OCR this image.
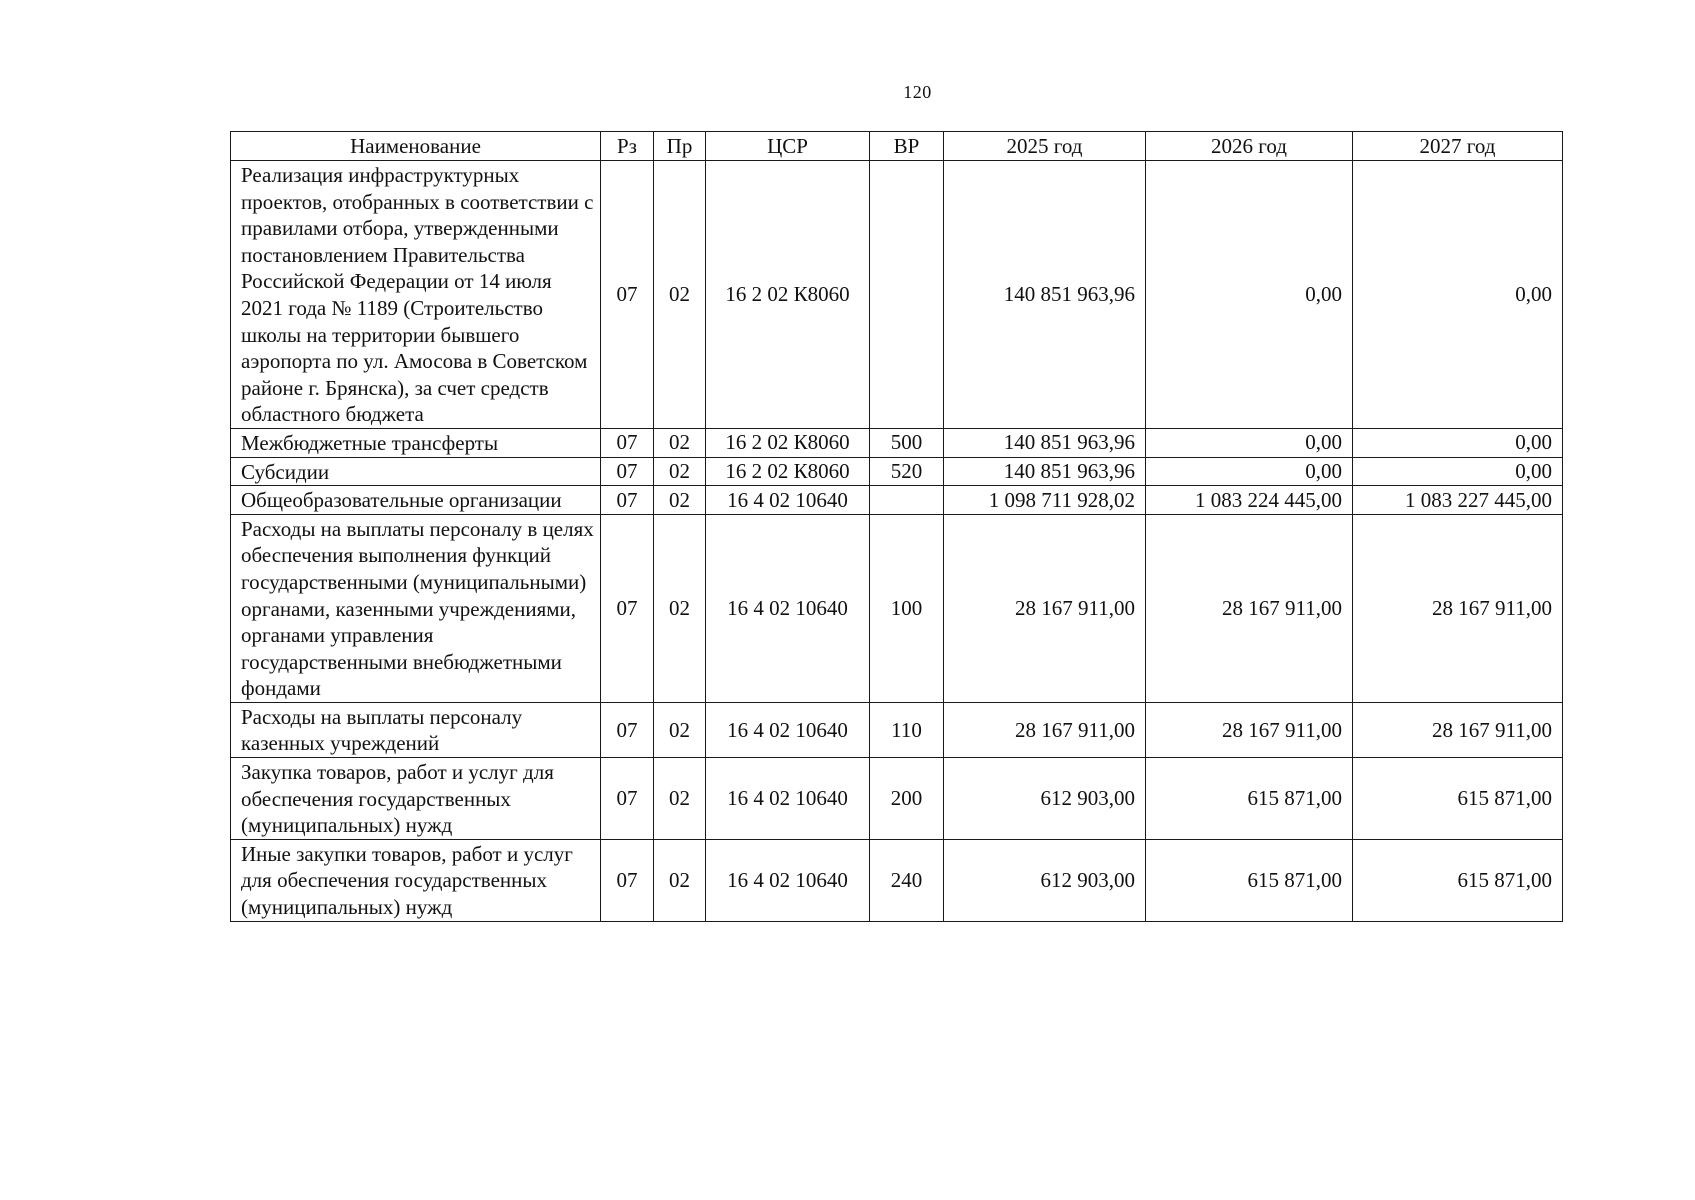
120
Наименование	Рз	Пр	ЦСР	ВР	2025 год	2026 год	2027 год
Реализация инфраструктурных проектов, отобранных в соответствии с правилами отбора, утвержденными постановлением Правительства Российской Федерации от 14 июля 2021 года № 1189 (Строительство школы на территории бывшего аэропорта по ул. Амосова в Советском районе г. Брянска), за счет средств областного бюджета	07	02	16 2 02 К8060		140 851 963,96	0,00	0,00
Межбюджетные трансферты	07	02	16 2 02 К8060	500	140 851 963,96	0,00	0,00
Субсидии	07	02	16 2 02 К8060	520	140 851 963,96	0,00	0,00
Общеобразовательные организации	07	02	16 4 02 10640		1 098 711 928,02	1 083 224 445,00	1 083 227 445,00
Расходы на выплаты персоналу в целях обеспечения выполнения функций государственными (муниципальными) органами, казенными учреждениями, органами управления государственными внебюджетными фондами	07	02	16 4 02 10640	100	28 167 911,00	28 167 911,00	28 167 911,00
Расходы на выплаты персоналу казенных учреждений	07	02	16 4 02 10640	110	28 167 911,00	28 167 911,00	28 167 911,00
Закупка товаров, работ и услуг для обеспечения государственных (муниципальных) нужд	07	02	16 4 02 10640	200	612 903,00	615 871,00	615 871,00
Иные закупки товаров, работ и услуг для обеспечения государственных (муниципальных) нужд	07	02	16 4 02 10640	240	612 903,00	615 871,00	615 871,00
